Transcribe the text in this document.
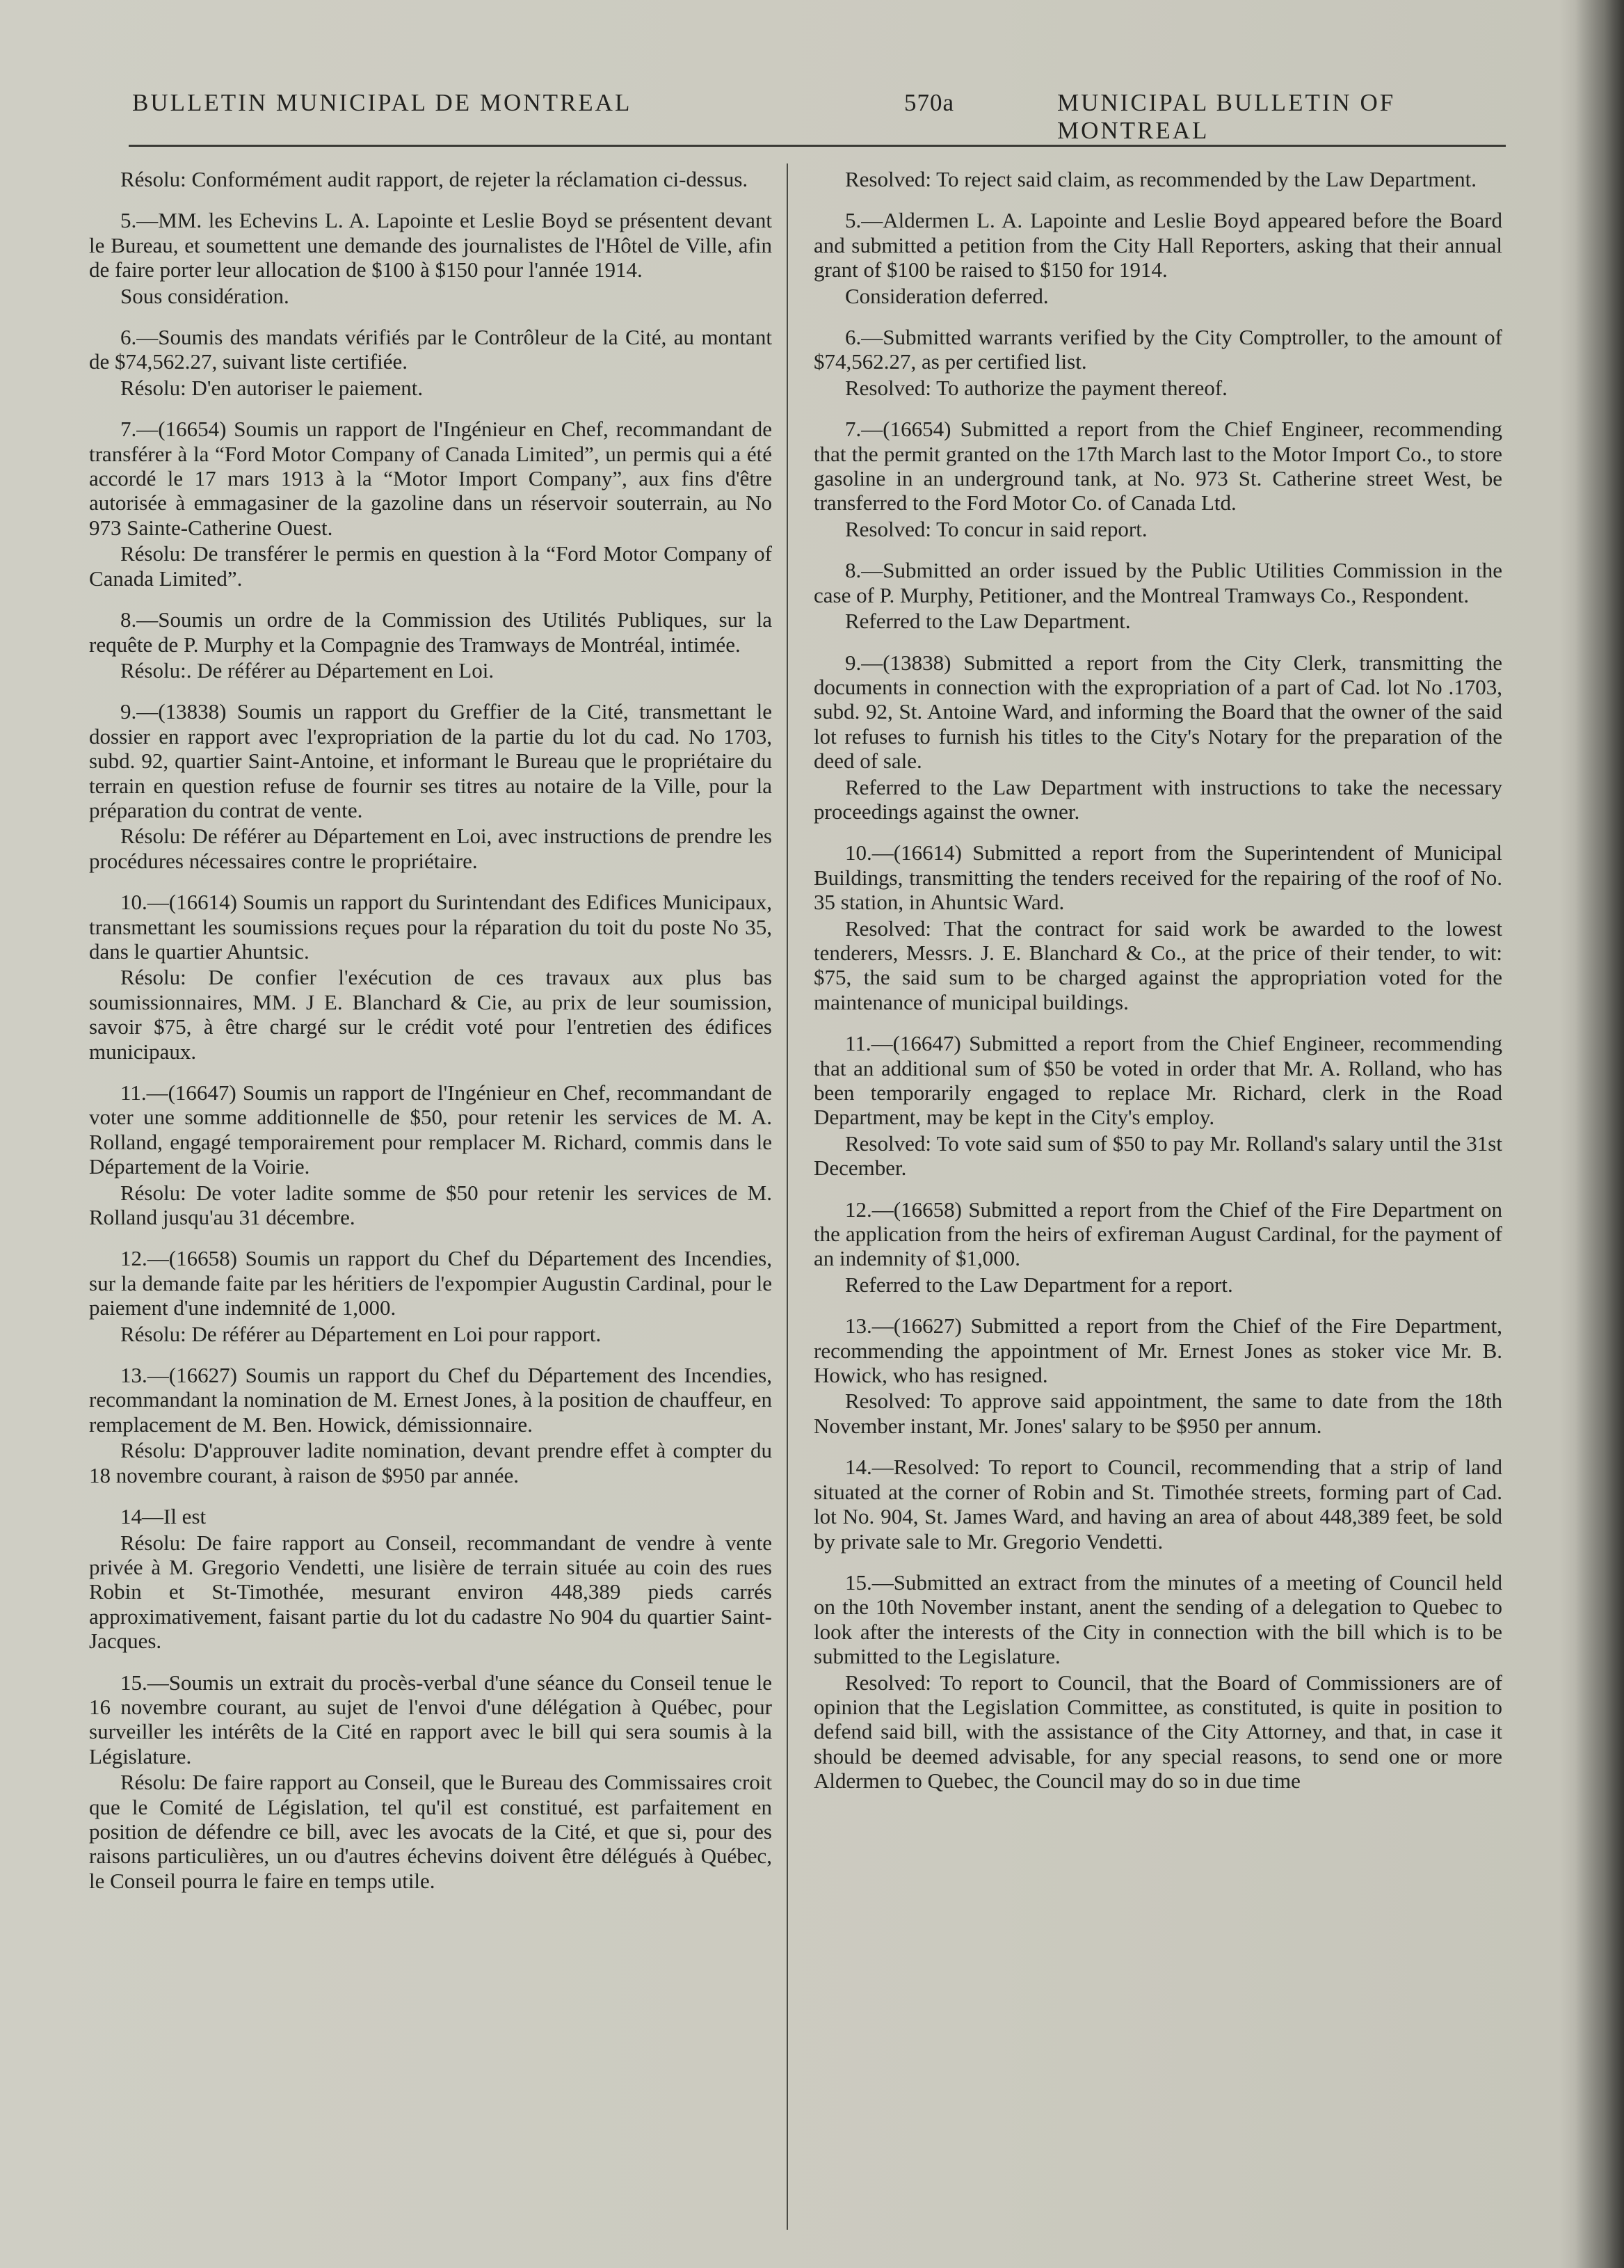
BULLETIN MUNICIPAL DE MONTREAL	570a	MUNICIPAL BULLETIN OF MONTREAL

Résolu: Conformément audit rapport, de rejeter la réclamation ci-dessus.

5.—MM. les Echevins L. A. Lapointe et Leslie Boyd se présentent devant le Bureau, et soumettent une demande des journalistes de l'Hôtel de Ville, afin de faire porter leur allocation de $100 à $150 pour l'année 1914.

Sous considération.

6.—Soumis des mandats vérifiés par le Contrôleur de la Cité, au montant de $74,562.27, suivant liste certifiée.

Résolu: D'en autoriser le paiement.

7.—(16654) Soumis un rapport de l'Ingénieur en Chef, recommandant de transférer à la “Ford Motor Company of Canada Limited”, un permis qui a été accordé le 17 mars 1913 à la “Motor Import Company”, aux fins d'être autorisée à emmagasiner de la gazoline dans un réservoir souterrain, au No 973 Sainte-Catherine Ouest.

Résolu: De transférer le permis en question à la “Ford Motor Company of Canada Limited”.

8.—Soumis un ordre de la Commission des Utilités Publiques, sur la requête de P. Murphy et la Compagnie des Tramways de Montréal, intimée.

Résolu:. De référer au Département en Loi.

9.—(13838) Soumis un rapport du Greffier de la Cité, transmettant le dossier en rapport avec l'expropriation de la partie du lot du cad. No 1703, subd. 92, quartier Saint-Antoine, et informant le Bureau que le propriétaire du terrain en question refuse de fournir ses titres au notaire de la Ville, pour la préparation du contrat de vente.

Résolu: De référer au Département en Loi, avec instructions de prendre les procédures nécessaires contre le propriétaire.

10.—(16614) Soumis un rapport du Surintendant des Edifices Municipaux, transmettant les soumissions reçues pour la réparation du toit du poste No 35, dans le quartier Ahuntsic.

Résolu: De confier l'exécution de ces travaux aux plus bas soumissionnaires, MM. J E. Blanchard & Cie, au prix de leur soumission, savoir $75, à être chargé sur le crédit voté pour l'entretien des édifices municipaux.

11.—(16647) Soumis un rapport de l'Ingénieur en Chef, recommandant de voter une somme additionnelle de $50, pour retenir les services de M. A. Rolland, engagé temporairement pour remplacer M. Richard, commis dans le Département de la Voirie.

Résolu: De voter ladite somme de $50 pour retenir les services de M. Rolland jusqu'au 31 décembre.

12.—(16658) Soumis un rapport du Chef du Département des Incendies, sur la demande faite par les héritiers de l'expompier Augustin Cardinal, pour le paiement d'une indemnité de 1,000.

Résolu: De référer au Département en Loi pour rapport.

13.—(16627) Soumis un rapport du Chef du Département des Incendies, recommandant la nomination de M. Ernest Jones, à la position de chauffeur, en remplacement de M. Ben. Howick, démissionnaire.

Résolu: D'approuver ladite nomination, devant prendre effet à compter du 18 novembre courant, à raison de $950 par année.

14—Il est

Résolu: De faire rapport au Conseil, recommandant de vendre à vente privée à M. Gregorio Vendetti, une lisière de terrain située au coin des rues Robin et St-Timothée, mesurant environ 448,389 pieds carrés approximativement, faisant partie du lot du cadastre No 904 du quartier Saint-Jacques.

15.—Soumis un extrait du procès-verbal d'une séance du Conseil tenue le 16 novembre courant, au sujet de l'envoi d'une délégation à Québec, pour surveiller les intérêts de la Cité en rapport avec le bill qui sera soumis à la Législature.

Résolu: De faire rapport au Conseil, que le Bureau des Commissaires croit que le Comité de Législation, tel qu'il est constitué, est parfaitement en position de défendre ce bill, avec les avocats de la Cité, et que si, pour des raisons particulières, un ou d'autres échevins doivent être délégués à Québec, le Conseil pourra le faire en temps utile.

Resolved: To reject said claim, as recommended by the Law Department.

5.—Aldermen L. A. Lapointe and Leslie Boyd appeared before the Board and submitted a petition from the City Hall Reporters, asking that their annual grant of $100 be raised to $150 for 1914.

Consideration deferred.

6.—Submitted warrants verified by the City Comptroller, to the amount of $74,562.27, as per certified list.

Resolved: To authorize the payment thereof.

7.—(16654) Submitted a report from the Chief Engineer, recommending that the permit granted on the 17th March last to the Motor Import Co., to store gasoline in an underground tank, at No. 973 St. Catherine street West, be transferred to the Ford Motor Co. of Canada Ltd.

Resolved: To concur in said report.

8.—Submitted an order issued by the Public Utilities Commission in the case of P. Murphy, Petitioner, and the Montreal Tramways Co., Respondent.

Referred to the Law Department.

9.—(13838) Submitted a report from the City Clerk, transmitting the documents in connection with the expropriation of a part of Cad. lot No .1703, subd. 92, St. Antoine Ward, and informing the Board that the owner of the said lot refuses to furnish his titles to the City's Notary for the preparation of the deed of sale.

Referred to the Law Department with instructions to take the necessary proceedings against the owner.

10.—(16614) Submitted a report from the Superintendent of Municipal Buildings, transmitting the tenders received for the repairing of the roof of No. 35 station, in Ahuntsic Ward.

Resolved: That the contract for said work be awarded to the lowest tenderers, Messrs. J. E. Blanchard & Co., at the price of their tender, to wit: $75, the said sum to be charged against the appropriation voted for the maintenance of municipal buildings.

11.—(16647) Submitted a report from the Chief Engineer, recommending that an additional sum of $50 be voted in order that Mr. A. Rolland, who has been temporarily engaged to replace Mr. Richard, clerk in the Road Department, may be kept in the City's employ.

Resolved: To vote said sum of $50 to pay Mr. Rolland's salary until the 31st December.

12.—(16658) Submitted a report from the Chief of the Fire Department on the application from the heirs of exfireman August Cardinal, for the payment of an indemnity of $1,000.

Referred to the Law Department for a report.

13.—(16627) Submitted a report from the Chief of the Fire Department, recommending the appointment of Mr. Ernest Jones as stoker vice Mr. B. Howick, who has resigned.

Resolved: To approve said appointment, the same to date from the 18th November instant, Mr. Jones' salary to be $950 per annum.

14.—Resolved: To report to Council, recommending that a strip of land situated at the corner of Robin and St. Timothée streets, forming part of Cad. lot No. 904, St. James Ward, and having an area of about 448,389 feet, be sold by private sale to Mr. Gregorio Vendetti.

15.—Submitted an extract from the minutes of a meeting of Council held on the 10th November instant, anent the sending of a delegation to Quebec to look after the interests of the City in connection with the bill which is to be submitted to the Legislature.

Resolved: To report to Council, that the Board of Commissioners are of opinion that the Legislation Committee, as constituted, is quite in position to defend said bill, with the assistance of the City Attorney, and that, in case it should be deemed advisable, for any special reasons, to send one or more Aldermen to Quebec, the Council may do so in due time
